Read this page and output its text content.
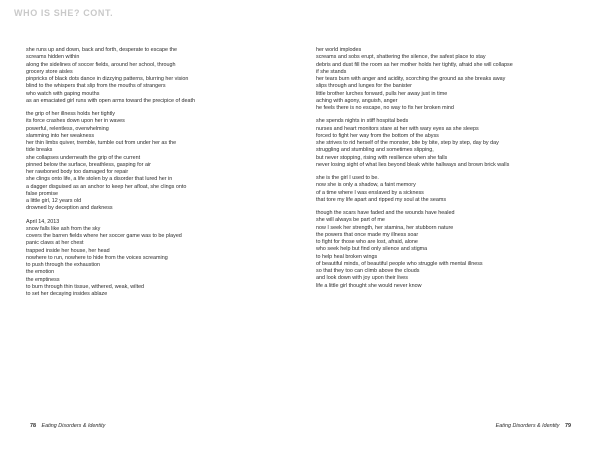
WHO IS SHE? CONT.
she runs up and down, back and forth, desperate to escape the
screams hidden within
along the sidelines of soccer fields, around her school, through
grocery store aisles
pinpricks of black dots dance in dizzying patterns, blurring her vision
blind to the whispers that slip from the mouths of strangers
who watch with gaping mouths
as an emaciated girl runs with open arms toward the precipice of death
the grip of her illness holds her tightly
its force crashes down upon her in waves
powerful, relentless, overwhelming
slamming into her weakness
her thin limbs quiver, tremble, tumble out from under her as the
tide breaks
she collapses underneath the grip of the current
pinned below the surface, breathless, gasping for air
her rawboned body too damaged for repair
she clings onto life, a life stolen by a disorder that lured her in
a dagger disguised as an anchor to keep her afloat, she clings onto
false promise
a little girl, 12 years old
drowned by deception and darkness
April 14, 2013
snow falls like ash from the sky
covers the barren fields where her soccer game was to be played
panic claws at her chest
trapped inside her house, her head
nowhere to run, nowhere to hide from the voices screaming
to push through the exhaustion
the emotion
the emptiness
to burn through thin tissue, withered, weak, wilted
to set her decaying insides ablaze
78 Eating Disorders & Identity
her world implodes
screams and sobs erupt, shattering the silence, the safest place to stay
debris and dust fill the room as her mother holds her tightly, afraid she will collapse
if she stands
her tears burn with anger and acidity, scorching the ground as she breaks away
slips through and lunges for the banister
little brother lurches forward, pulls her away just in time
aching with agony, anguish, anger
he feels there is no escape, no way to fix her broken mind
she spends nights in stiff hospital beds
nurses and heart monitors stare at her with wary eyes as she sleeps
forced to fight her way from the bottom of the abyss
she strives to rid herself of the monster, bite by bite, step by step, day by day
struggling and stumbling and sometimes slipping,
but never stopping, rising with resilience when she falls
never losing sight of what lies beyond bleak white hallways and brown brick walls
she is the girl I used to be.
now she is only a shadow, a faint memory
of a time where I was enslaved by a sickness
that tore my life apart and ripped my soul at the seams
though the scars have faded and the wounds have healed
she will always be part of me
now I seek her strength, her stamina, her stubborn nature
the powers that once made my illness soar
to fight for those who are lost, afraid, alone
who seek help but find only silence and stigma
to help heal broken wings
of beautiful minds, of beautiful people who struggle with mental illness
so that they too can climb above the clouds
and look down with joy upon their lives
life a little girl thought she would never know
Eating Disorders & Identity 79
